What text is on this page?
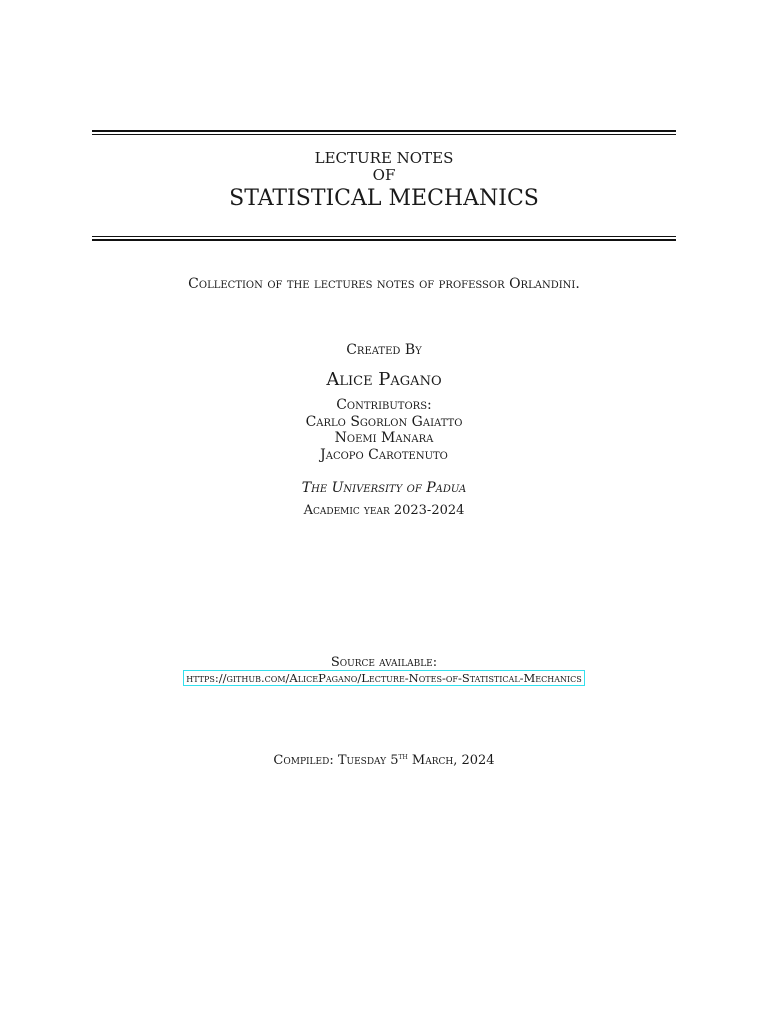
LECTURE NOTES
OF
STATISTICAL MECHANICS
Collection of the lectures notes of professor Orlandini.
Created By
Alice Pagano
Contributors:
Carlo Sgorlon Gaiatto
Noemi Manara
Jacopo Carotenuto
The University of Padua
Academic year 2023-2024
Source available:
https://github.com/AlicePagano/Lecture-Notes-of-Statistical-Mechanics
Compiled: Tuesday 5th March, 2024
